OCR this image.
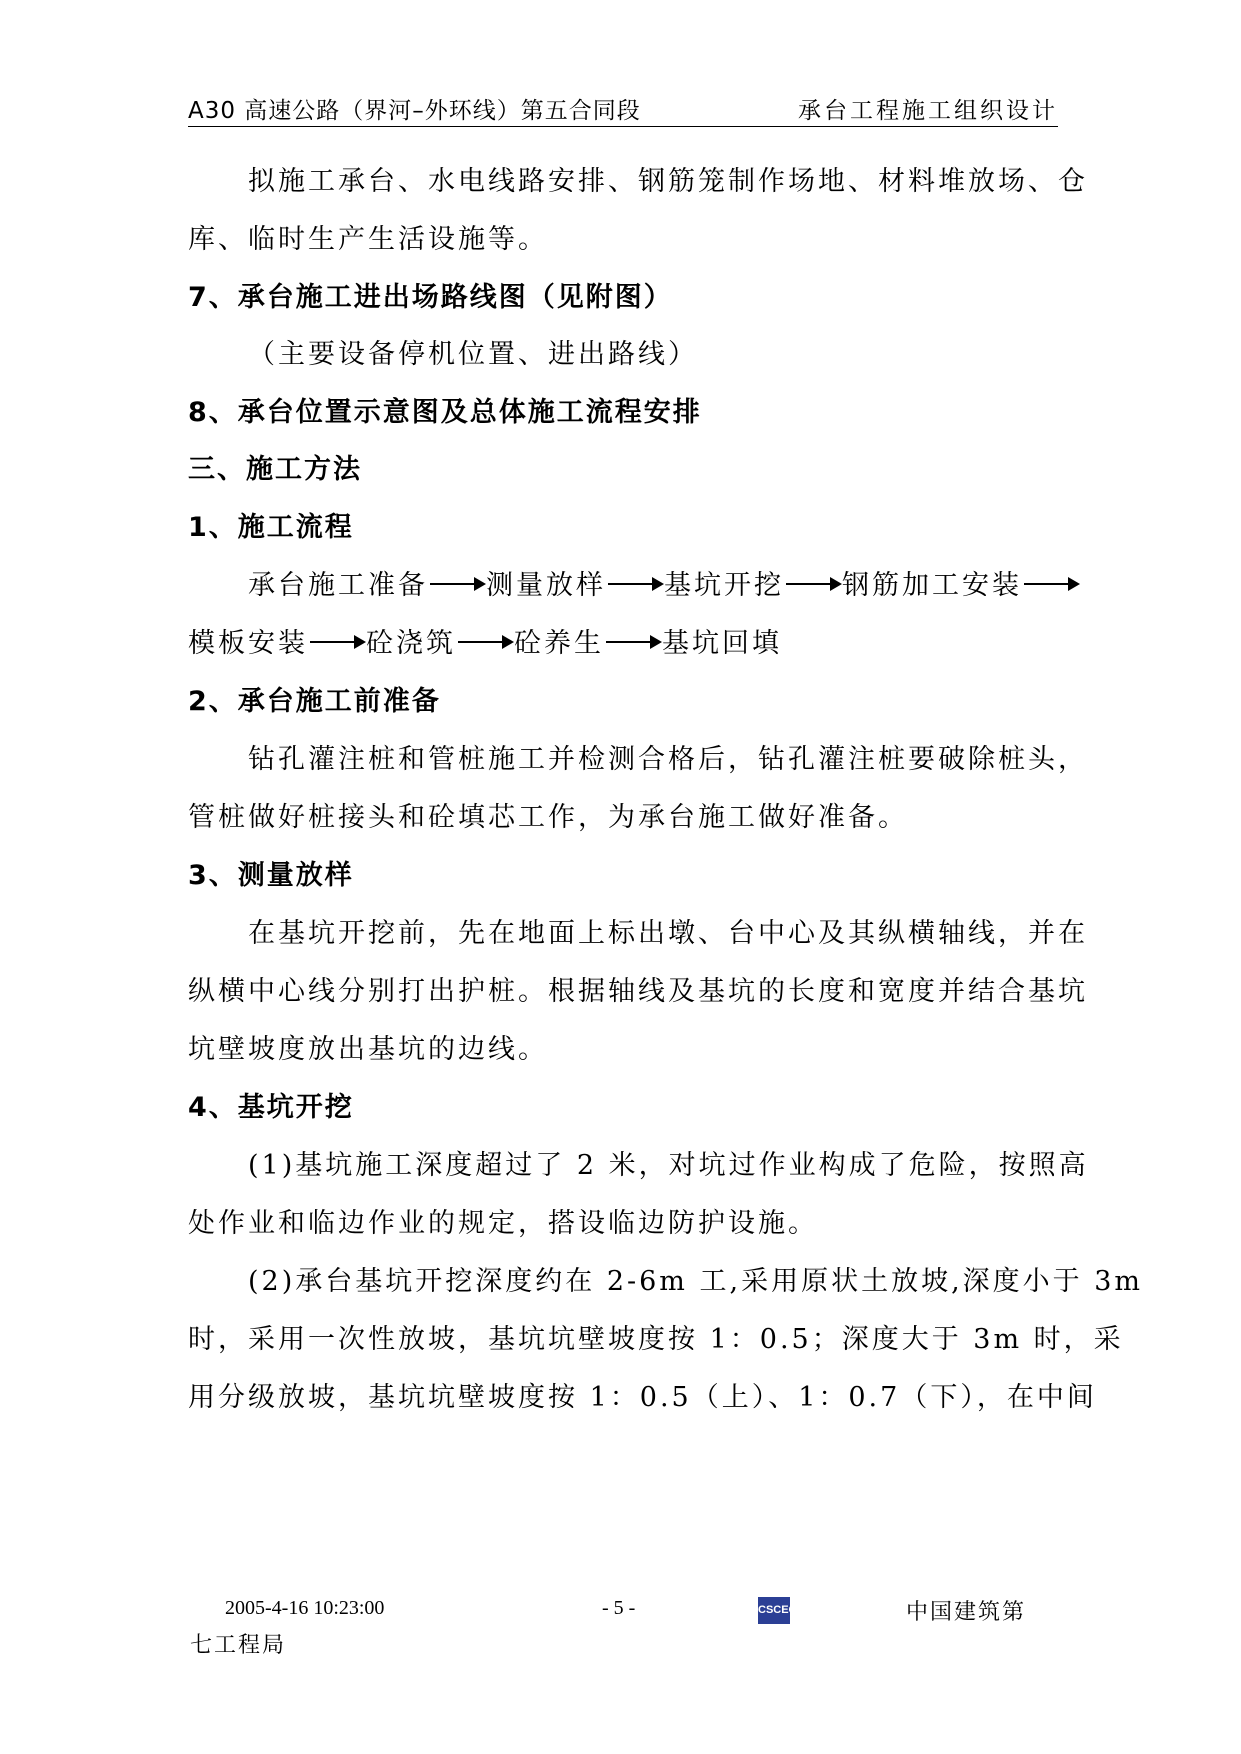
A30 高速公路（界河–外环线）第五合同段	承台工程施工组织设计
拟施工承台、水电线路安排、钢筋笼制作场地、材料堆放场、仓
库、临时生产生活设施等。
7、承台施工进出场路线图（见附图）
（主要设备停机位置、进出路线）
8、承台位置示意图及总体施工流程安排
三、施工方法
1、施工流程
承台施工准备 测量放样 基坑开挖 钢筋加工安装
模板安装 砼浇筑 砼养生 基坑回填
2、承台施工前准备
钻孔灌注桩和管桩施工并检测合格后，钻孔灌注桩要破除桩头，
管桩做好桩接头和砼填芯工作，为承台施工做好准备。
3、测量放样
在基坑开挖前，先在地面上标出墩、台中心及其纵横轴线，并在
纵横中心线分别打出护桩。根据轴线及基坑的长度和宽度并结合基坑
坑壁坡度放出基坑的边线。
4、基坑开挖
(1)基坑施工深度超过了 2 米，对坑过作业构成了危险，按照高
处作业和临边作业的规定，搭设临边防护设施。
(2)承台基坑开挖深度约在 2-6m 工,采用原状土放坡,深度小于 3m
时，采用一次性放坡，基坑坑壁坡度按 1：0.5；深度大于 3m 时，采
用分级放坡，基坑坑壁坡度按 1：0.5（上）、1：0.7（下），在中间
2005-4-16 10:23:00	- 5 -	CSCEC	中国建筑第
七工程局
